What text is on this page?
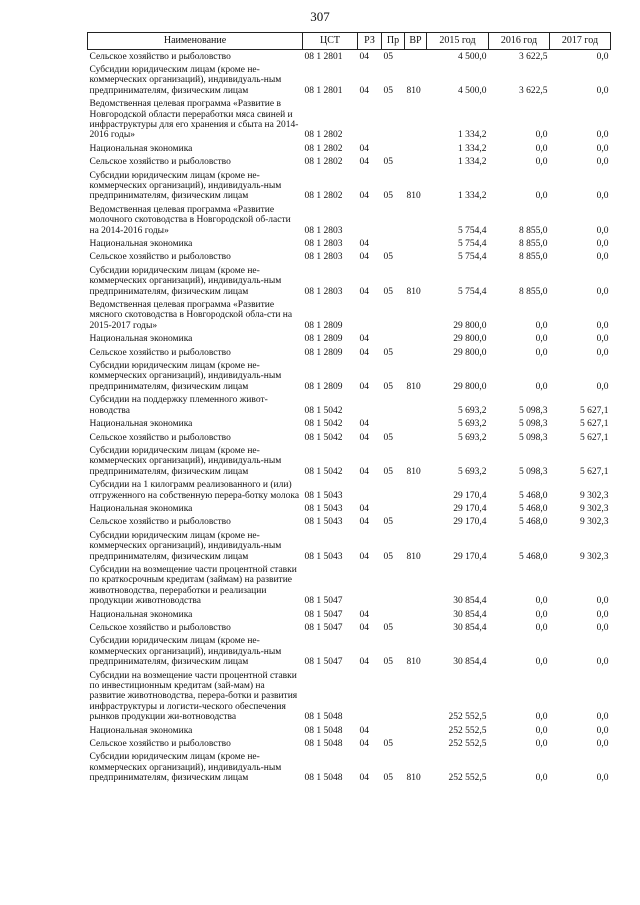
307
Наименование	ЦСТ	РЗ	Пр	ВР	2015 год	2016 год	2017 год
Сельское хозяйство и рыболовство	08 1 2801	04	05		4 500,0	3 622,5	0,0
Субсидии юридическим лицам (кроме не-коммерческих организаций), индивидуаль-ным предпринимателям, физическим лицам	08 1 2801	04	05	810	4 500,0	3 622,5	0,0
Ведомственная целевая программа «Развитие в Новгородской области переработки мяса свиней и инфраструктуры для его хранения и сбыта на 2014-2016 годы»	08 1 2802				1 334,2	0,0	0,0
Национальная экономика	08 1 2802	04			1 334,2	0,0	0,0
Сельское хозяйство и рыболовство	08 1 2802	04	05		1 334,2	0,0	0,0
Субсидии юридическим лицам (кроме не-коммерческих организаций), индивидуаль-ным предпринимателям, физическим лицам	08 1 2802	04	05	810	1 334,2	0,0	0,0
Ведомственная целевая программа «Развитие молочного скотоводства в Новгородской об-ласти на 2014-2016 годы»	08 1 2803				5 754,4	8 855,0	0,0
Национальная экономика	08 1 2803	04			5 754,4	8 855,0	0,0
Сельское хозяйство и рыболовство	08 1 2803	04	05		5 754,4	8 855,0	0,0
Субсидии юридическим лицам (кроме не-коммерческих организаций), индивидуаль-ным предпринимателям, физическим лицам	08 1 2803	04	05	810	5 754,4	8 855,0	0,0
Ведомственная целевая программа «Развитие мясного скотоводства в Новгородской обла-сти на 2015-2017 годы»	08 1 2809				29 800,0	0,0	0,0
Национальная экономика	08 1 2809	04			29 800,0	0,0	0,0
Сельское хозяйство и рыболовство	08 1 2809	04	05		29 800,0	0,0	0,0
Субсидии юридическим лицам (кроме не-коммерческих организаций), индивидуаль-ным предпринимателям, физическим лицам	08 1 2809	04	05	810	29 800,0	0,0	0,0
Субсидии на поддержку племенного живот-новодства	08 1 5042				5 693,2	5 098,3	5 627,1
Национальная экономика	08 1 5042	04			5 693,2	5 098,3	5 627,1
Сельское хозяйство и рыболовство	08 1 5042	04	05		5 693,2	5 098,3	5 627,1
Субсидии юридическим лицам (кроме не-коммерческих организаций), индивидуаль-ным предпринимателям, физическим лицам	08 1 5042	04	05	810	5 693,2	5 098,3	5 627,1
Субсидии на 1 килограмм реализованного и (или) отгруженного на собственную перера-ботку молока	08 1 5043				29 170,4	5 468,0	9 302,3
Национальная экономика	08 1 5043	04			29 170,4	5 468,0	9 302,3
Сельское хозяйство и рыболовство	08 1 5043	04	05		29 170,4	5 468,0	9 302,3
Субсидии юридическим лицам (кроме не-коммерческих организаций), индивидуаль-ным предпринимателям, физическим лицам	08 1 5043	04	05	810	29 170,4	5 468,0	9 302,3
Субсидии на возмещение части процентной ставки по краткосрочным кредитам (займам) на развитие животноводства, переработки и реализации продукции животноводства	08 1 5047				30 854,4	0,0	0,0
Национальная экономика	08 1 5047	04			30 854,4	0,0	0,0
Сельское хозяйство и рыболовство	08 1 5047	04	05		30 854,4	0,0	0,0
Субсидии юридическим лицам (кроме не-коммерческих организаций), индивидуаль-ным предпринимателям, физическим лицам	08 1 5047	04	05	810	30 854,4	0,0	0,0
Субсидии на возмещение части процентной ставки по инвестиционным кредитам (зай-мам) на развитие животноводства, перера-ботки и развития инфраструктуры и логисти-ческого обеспечения рынков продукции жи-вотноводства	08 1 5048				252 552,5	0,0	0,0
Национальная экономика	08 1 5048	04			252 552,5	0,0	0,0
Сельское хозяйство и рыболовство	08 1 5048	04	05		252 552,5	0,0	0,0
Субсидии юридическим лицам (кроме не-коммерческих организаций), индивидуаль-ным предпринимателям, физическим лицам	08 1 5048	04	05	810	252 552,5	0,0	0,0
